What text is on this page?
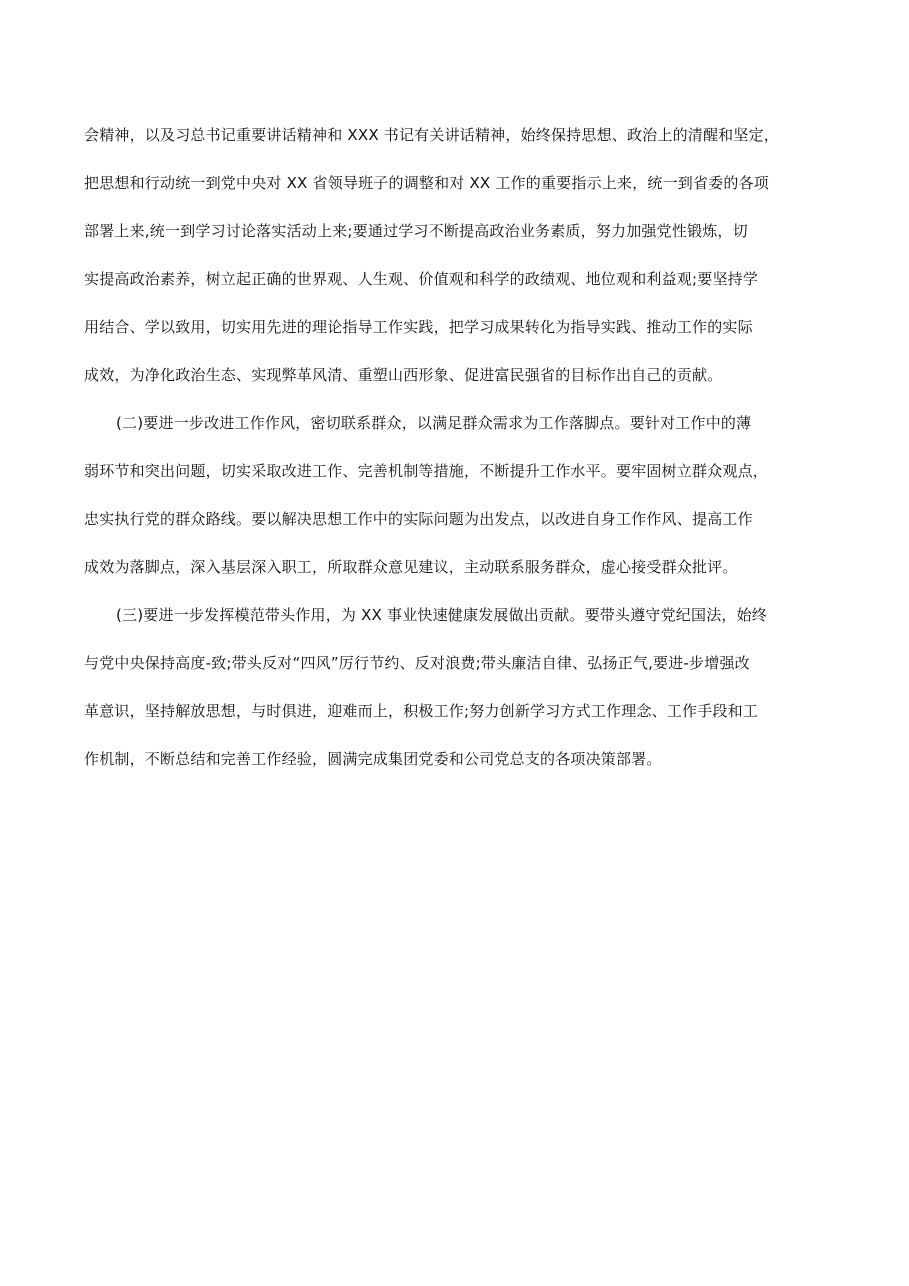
会精神，以及习总书记重要讲话精神和 XXX 书记有关讲话精神，始终保持思想、政治上的清醒和坚定，
把思想和行动统一到党中央对 XX 省领导班子的调整和对 XX 工作的重要指示上来，统一到省委的各项
部署上来,统一到学习讨论落实活动上来;要通过学习不断提高政治业务素质，努力加强党性锻炼，切
实提高政治素养，树立起正确的世界观、人生观、价值观和科学的政绩观、地位观和利益观;要坚持学
用结合、学以致用，切实用先进的理论指导工作实践，把学习成果转化为指导实践、推动工作的实际
成效，为净化政治生态、实现弊革风清、重塑山西形象、促进富民强省的目标作出自己的贡献。
(二)要进一步改进工作作风，密切联系群众，以满足群众需求为工作落脚点。要针对工作中的薄
弱环节和突出问题，切实采取改进工作、完善机制等措施，不断提升工作水平。要牢固树立群众观点，
忠实执行党的群众路线。要以解决思想工作中的实际问题为出发点，以改进自身工作作风、提高工作
成效为落脚点，深入基层深入职工，所取群众意见建议，主动联系服务群众，虚心接受群众批评。
(三)要进一步发挥模范带头作用，为 XX 事业快速健康发展做出贡献。要带头遵守党纪国法，始终
与党中央保持高度-致;带头反对“四风”厉行节约、反对浪费;带头廉洁自律、弘扬正气,要进-步增强改
革意识，坚持解放思想，与时俱进，迎难而上，积极工作;努力创新学习方式工作理念、工作手段和工
作机制，不断总结和完善工作经验，圆满完成集团党委和公司党总支的各项决策部署。
